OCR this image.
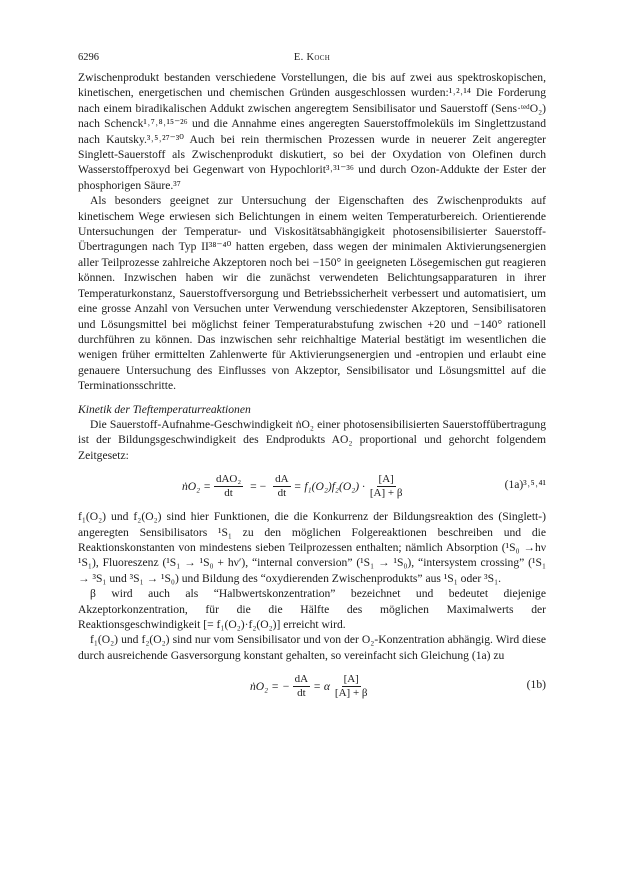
6296	E. Koch

Zwischenprodukt bestanden verschiedene Vorstellungen, die bis auf zwei aus spektroskopischen, kinetischen, energetischen und chemischen Gründen ausgeschlossen wurden:¹˒²˒¹⁴ Die Forderung nach einem biradikalischen Addukt zwischen angeregtem Sensibilisator und Sauerstoff (Sens·ᵗᵉᵈO₂) nach Schenck¹˒⁷˒⁸˒¹⁵⁻²⁶ und die Annahme eines angeregten Sauerstoffmoleküls im Singlettzustand nach Kautsky.³˒⁵˒²⁷⁻³⁰ Auch bei rein thermischen Prozessen wurde in neuerer Zeit angeregter Singlett-Sauerstoff als Zwischenprodukt diskutiert, so bei der Oxydation von Olefinen durch Wasserstoffperoxyd bei Gegenwart von Hypochlorit³˒³¹⁻³⁶ und durch Ozon-Addukte der Ester der phosphorigen Säure.³⁷

Als besonders geeignet zur Untersuchung der Eigenschaften des Zwischenprodukts auf kinetischem Wege erwiesen sich Belichtungen in einem weiten Temperaturbereich. Orientierende Untersuchungen der Temperatur- und Viskositätsabhängigkeit photosensibilisierter Sauerstoff-Übertragungen nach Typ II³⁸⁻⁴⁰ hatten ergeben, dass wegen der minimalen Aktivierungsenergien aller Teilprozesse zahlreiche Akzeptoren noch bei −150° in geeigneten Lösegemischen gut reagieren können. Inzwischen haben wir die zunächst verwendeten Belichtungsapparaturen in ihrer Temperaturkonstanz, Sauerstoffversorgung und Betriebssicherheit verbessert und automatisiert, um eine grosse Anzahl von Versuchen unter Verwendung verschiedenster Akzeptoren, Sensibilisatoren und Lösungsmittel bei möglichst feiner Temperaturabstufung zwischen +20 und −140° rationell durchführen zu können. Das inzwischen sehr reichhaltige Material bestätigt im wesentlichen die wenigen früher ermittelten Zahlenwerte für Aktivierungsenergien und -entropien und erlaubt eine genauere Untersuchung des Einflusses von Akzeptor, Sensibilisator und Lösungsmittel auf die Terminationsschritte.

Kinetik der Tieftemperaturreaktionen

Die Sauerstoff-Aufnahme-Geschwindigkeit ṅO₂ einer photosensibilisierten Sauerstoffübertragung ist der Bildungsgeschwindigkeit des Endprodukts AO₂ proportional und gehorcht folgendem Zeitgesetz:

ṅO₂ = $\frac{\text{dAO₂}}{dt}$ = − $\frac{dA}{dt} = f_1(O_2)f_2(O_2) \cdot \frac{[A]}{[A] + \beta}$	(1a)³˒⁵˒⁴¹

f₁(O₂) und f₂(O₂) sind hier Funktionen, die die Konkurrenz der Bildungsreaktion des (Singlett-) angeregten Sensibilisators ¹S₁ zu den möglichen Folgereaktionen beschreiben und die Reaktionskonstanten von mindestens sieben Teilprozessen enthalten; nämlich Absorption (¹S₀ →hν ¹S₁), Fluoreszenz (¹S₁ → ¹S₀ + hν′), “internal conversion” (¹S₁ → ¹S₀), “intersystem crossing” (¹S₁ → ³S₁ und ³S₁ → ¹S₀) und Bildung des “oxydierenden Zwischenprodukts” aus ¹S₁ oder ³S₁.

β wird auch als “Halbwertskonzentration” bezeichnet und bedeutet diejenige Akzeptorkonzentration, für die die Hälfte des möglichen Maximalwerts der Reaktionsgeschwindigkeit [= f₁(O₂)·f₂(O₂)] erreicht wird.

f₁(O₂) und f₂(O₂) sind nur vom Sensibilisator und von der O₂-Konzentration abhängig. Wird diese durch ausreichende Gasversorgung konstant gehalten, so vereinfacht sich Gleichung (1a) zu

ṅO₂ = − $\frac{dA}{dt} = \alpha \frac{[A]}{[A] + \beta}$	(1b)
